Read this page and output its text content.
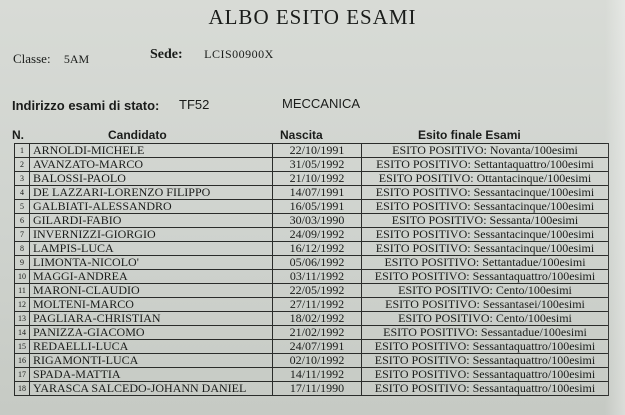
ALBO ESITO ESAMI
Classe: 5AM	Sede: LCIS00900X
Indirizzo esami di stato: TF52	MECCANICA
N.	Candidato	Nascita	Esito finale Esami
1	ARNOLDI-MICHELE	22/10/1991	ESITO POSITIVO: Novanta/100esimi
2	AVANZATO-MARCO	31/05/1992	ESITO POSITIVO: Settantaquattro/100esimi
3	BALOSSI-PAOLO	21/10/1992	ESITO POSITIVO: Ottantacinque/100esimi
4	DE LAZZARI-LORENZO FILIPPO	14/07/1991	ESITO POSITIVO: Sessantacinque/100esimi
5	GALBIATI-ALESSANDRO	16/05/1991	ESITO POSITIVO: Sessantacinque/100esimi
6	GILARDI-FABIO	30/03/1990	ESITO POSITIVO: Sessanta/100esimi
7	INVERNIZZI-GIORGIO	24/09/1992	ESITO POSITIVO: Sessantacinque/100esimi
8	LAMPIS-LUCA	16/12/1992	ESITO POSITIVO: Sessantacinque/100esimi
9	LIMONTA-NICOLO'	05/06/1992	ESITO POSITIVO: Settantadue/100esimi
10	MAGGI-ANDREA	03/11/1992	ESITO POSITIVO: Sessantaquattro/100esimi
11	MARONI-CLAUDIO	22/05/1992	ESITO POSITIVO: Cento/100esimi
12	MOLTENI-MARCO	27/11/1992	ESITO POSITIVO: Sessantasei/100esimi
13	PAGLIARA-CHRISTIAN	18/02/1992	ESITO POSITIVO: Cento/100esimi
14	PANIZZA-GIACOMO	21/02/1992	ESITO POSITIVO: Sessantadue/100esimi
15	REDAELLI-LUCA	24/07/1991	ESITO POSITIVO: Sessantaquattro/100esimi
16	RIGAMONTI-LUCA	02/10/1992	ESITO POSITIVO: Sessantaquattro/100esimi
17	SPADA-MATTIA	14/11/1992	ESITO POSITIVO: Sessantaquattro/100esimi
18	YARASCA SALCEDO-JOHANN DANIEL	17/11/1990	ESITO POSITIVO: Sessantaquattro/100esimi
